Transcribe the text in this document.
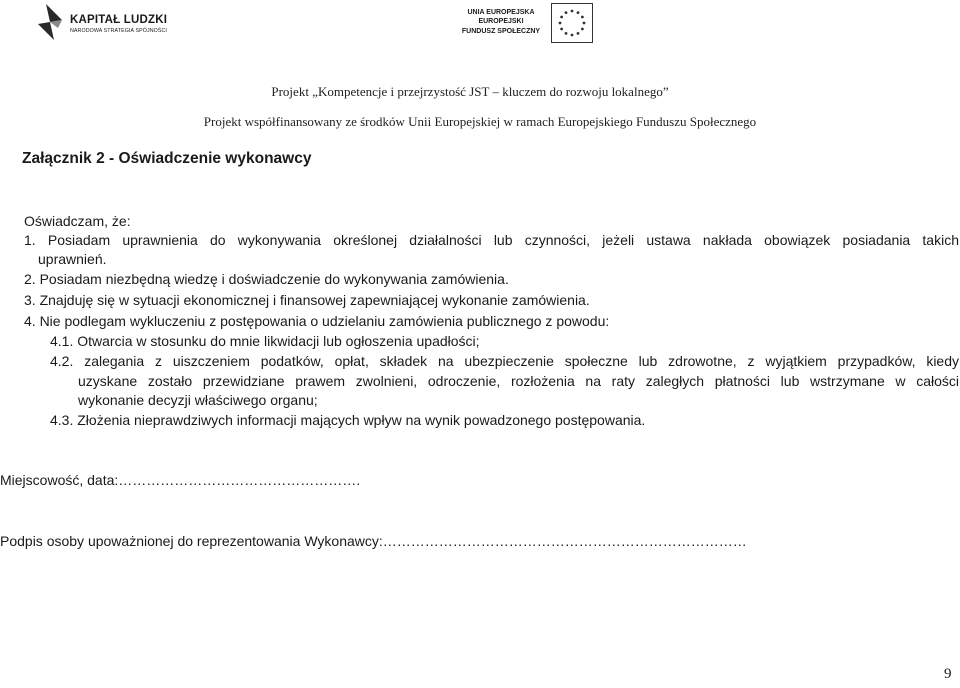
KAPITAŁ LUDZKI
NARODOWA STRATEGIA SPÓJNOŚCI
UNIA EUROPEJSKA
EUROPEJSKI
FUNDUSZ SPOŁECZNY
Projekt „Kompetencje i przejrzystość JST – kluczem do rozwoju lokalnego”
Projekt współfinansowany ze środków Unii Europejskiej w ramach Europejskiego Funduszu Społecznego
Załącznik 2 - Oświadczenie wykonawcy
Oświadczam, że:
1. Posiadam uprawnienia do wykonywania określonej działalności lub czynności, jeżeli ustawa nakłada obowiązek posiadania takich
uprawnień.
2. Posiadam niezbędną wiedzę i doświadczenie do wykonywania zamówienia.
3. Znajduję się w sytuacji ekonomicznej i finansowej zapewniającej wykonanie zamówienia.
4. Nie podlegam wykluczeniu z postępowania o udzielaniu zamówienia publicznego z powodu:
4.1. Otwarcia w stosunku do mnie likwidacji lub ogłoszenia upadłości;
4.2. zalegania z uiszczeniem podatków, opłat, składek na ubezpieczenie społeczne lub zdrowotne, z wyjątkiem przypadków, kiedy
uzyskane zostało przewidziane prawem zwolnieni, odroczenie, rozłożenia na raty zaległych płatności lub wstrzymane w całości
wykonanie decyzji właściwego organu;
4.3. Złożenia nieprawdziwych informacji mających wpływ na wynik powadzonego postępowania.
Miejscowość, data:…………………………………………….
Podpis osoby upoważnionej do reprezentowania Wykonawcy:……………………………………………………………………
9
